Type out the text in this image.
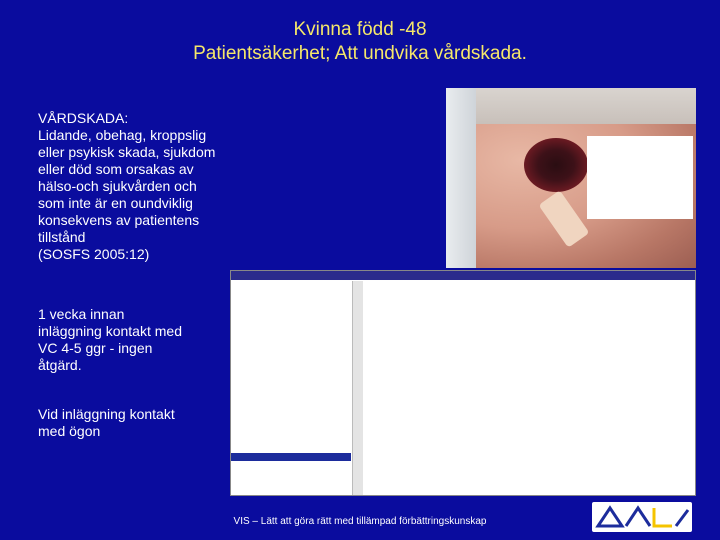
Kvinna född -48
Patientsäkerhet; Att undvika vårdskada.
VÅRDSKADA:
Lidande, obehag, kroppslig
eller psykisk skada, sjukdom
eller död som orsakas av
hälso-och sjukvården och
som inte är en oundviklig
konsekvens av patientens
tillstånd
(SOSFS 2005:12)
1 vecka innan
inläggning kontakt med
VC 4-5 ggr - ingen
åtgärd.
Vid inläggning kontakt
med ögon
VIS – Lätt att göra rätt med tillämpad förbättringskunskap
